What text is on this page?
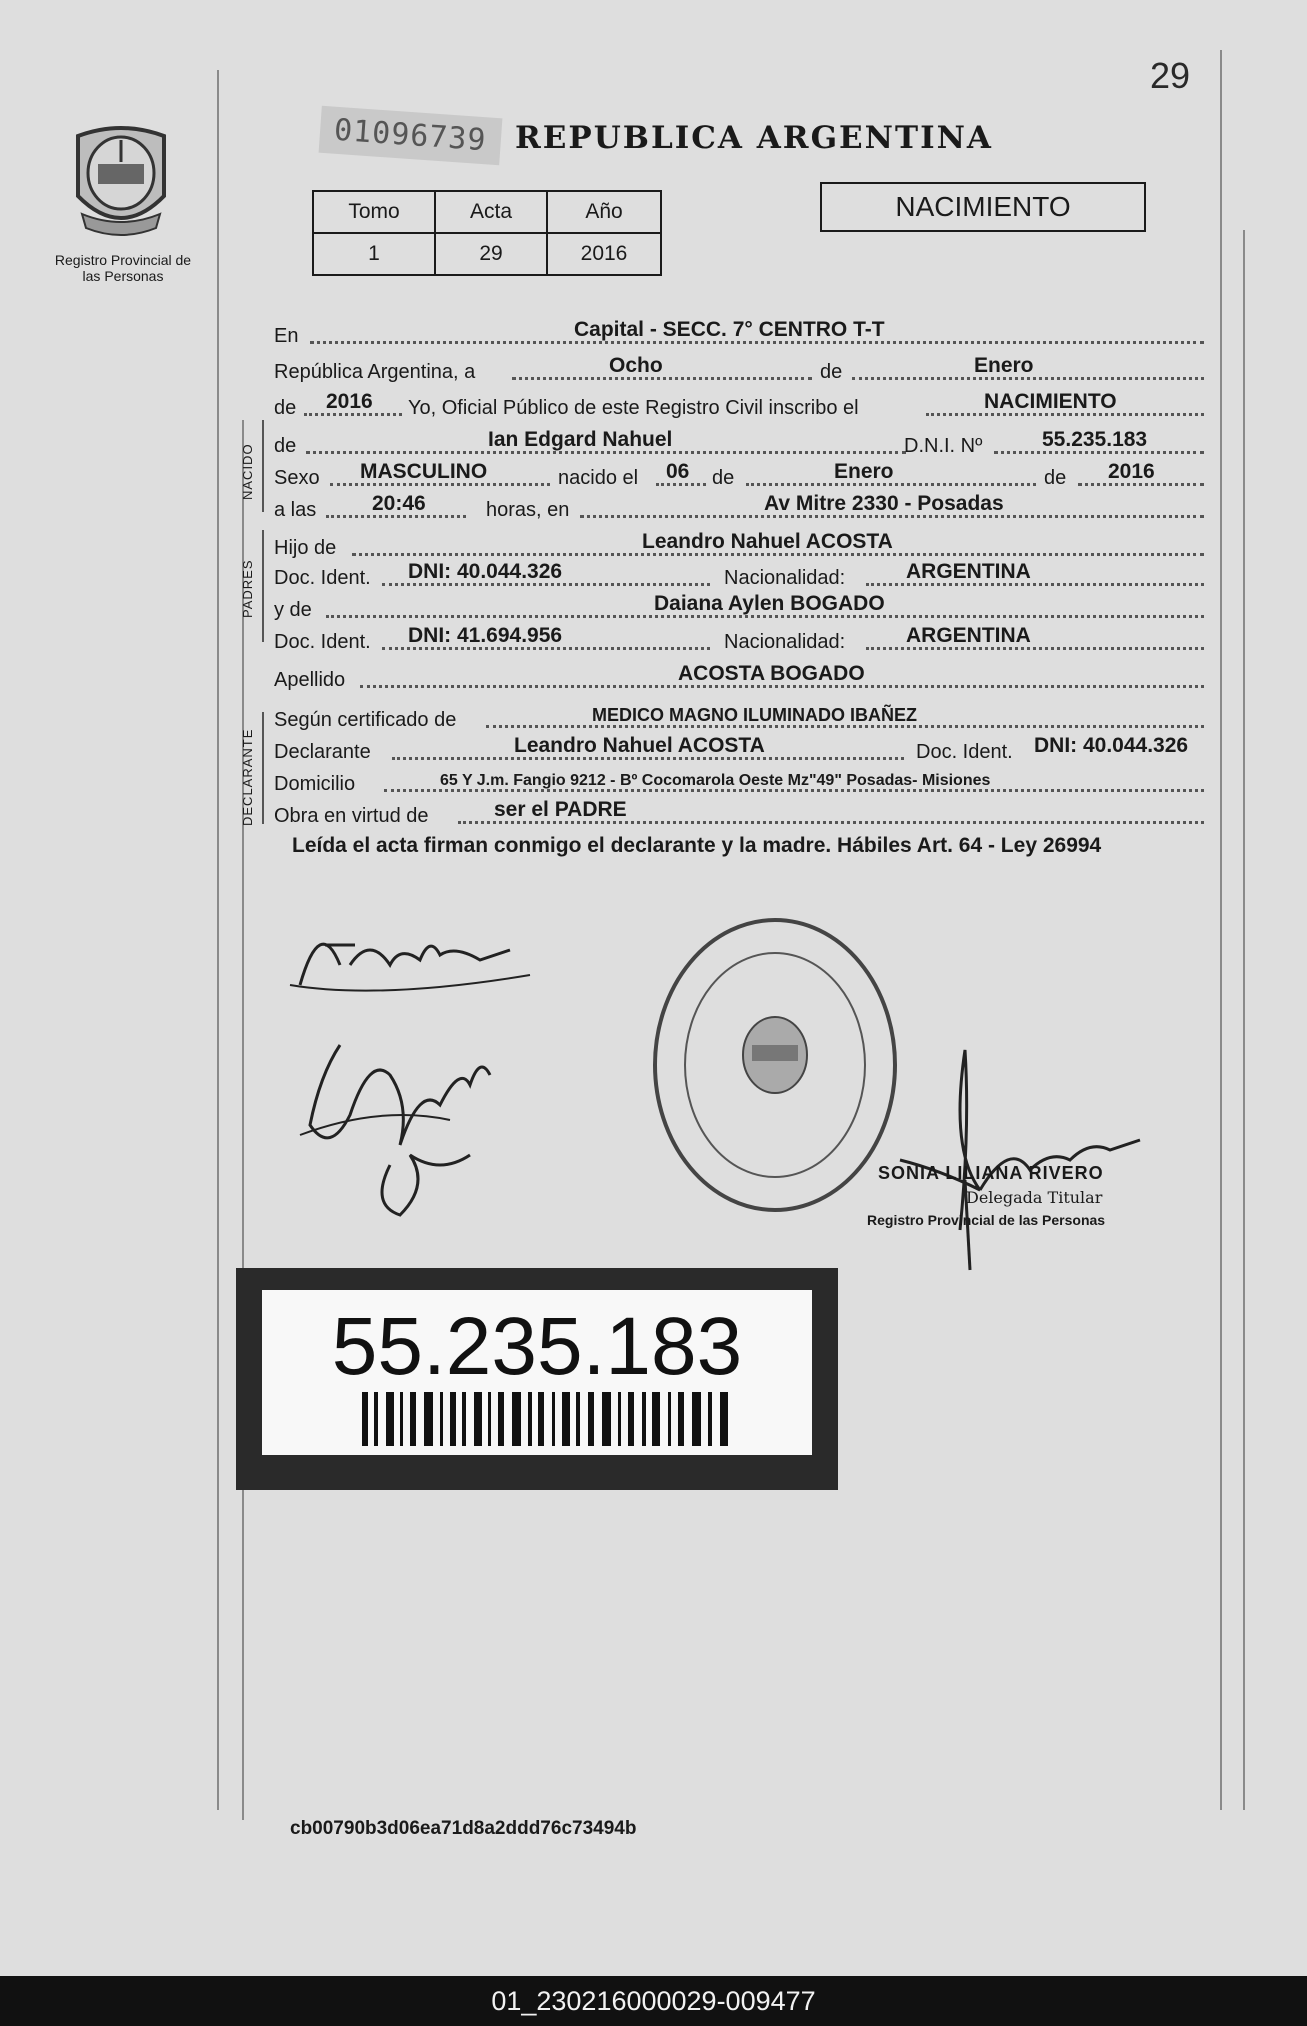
29
Registro Provincial de las Personas
01096739 REPUBLICA ARGENTINA
Tomo	Acta	Año
1	29	2016
NACIMIENTO
NACIDO
PADRES
DECLARANTE
En	Capital - SECC. 7° CENTRO T-T
República Argentina, a	Ocho	de	Enero
de 2016 Yo, Oficial Público de este Registro Civil inscribo el	NACIMIENTO
de	Ian Edgard Nahuel	D.N.I. Nº	55.235.183
Sexo MASCULINO	nacido el 06 de	Enero	de 2016
a las	20:46	horas, en	Av Mitre 2330 - Posadas
Hijo de	Leandro Nahuel ACOSTA
Doc. Ident. DNI: 40.044.326	Nacionalidad:	ARGENTINA
y de	Daiana Aylen BOGADO
Doc. Ident. DNI: 41.694.956	Nacionalidad:	ARGENTINA
Apellido	ACOSTA BOGADO
Según certificado de	MEDICO MAGNO ILUMINADO IBAÑEZ
Declarante	Leandro Nahuel ACOSTA	Doc. Ident. DNI: 40.044.326
Domicilio	65 Y J.m. Fangio 9212 - Bº Cocomarola Oeste Mz"49" Posadas- Misiones
Obra en virtud de	ser el PADRE
Leída el acta firman conmigo el declarante y la madre. Hábiles Art. 64 - Ley 26994
SONIA LILIANA RIVERO
Delegada Titular
Registro Provincial de las Personas
55.235.183
cb00790b3d06ea71d8a2ddd76c73494b
01_230216000029-009477
